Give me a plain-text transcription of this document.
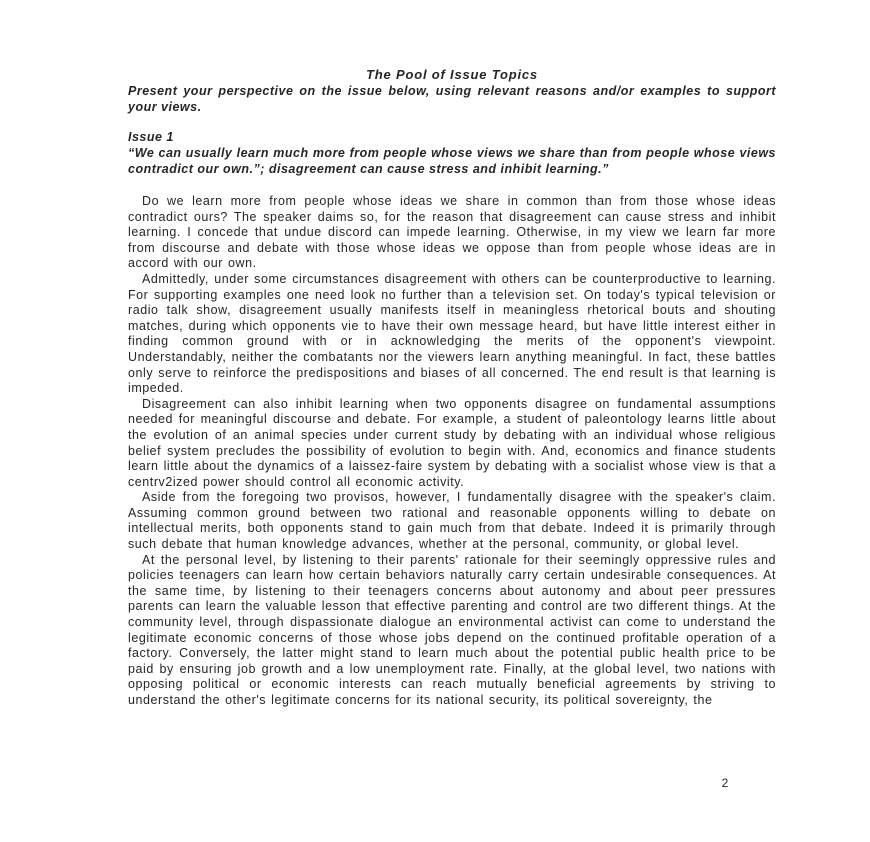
The Pool of Issue Topics
Present your perspective on the issue below, using relevant reasons and/or examples to support your views.
Issue 1
“We can usually learn much more from people whose views we share than from people whose views contradict our own.”; disagreement can cause stress and inhibit learning.”

Do we learn more from people whose ideas we share in common than from those whose ideas contradict ours? The speaker daims so, for the reason that disagreement can cause stress and inhibit learning. I concede that undue discord can impede learning. Otherwise, in my view we learn far more from discourse and debate with those whose ideas we oppose than from people whose ideas are in accord with our own.

Admittedly, under some circumstances disagreement with others can be counterproductive to learning. For supporting examples one need look no further than a television set. On today's typical television or radio talk show, disagreement usually manifests itself in meaningless rhetorical bouts and shouting matches, during which opponents vie to have their own message heard, but have little interest either in finding common ground with or in acknowledging the merits of the opponent's viewpoint. Understandably, neither the combatants nor the viewers learn anything meaningful. In fact, these battles only serve to reinforce the predispositions and biases of all concerned. The end result is that learning is impeded.

Disagreement can also inhibit learning when two opponents disagree on fundamental assumptions needed for meaningful discourse and debate. For example, a student of paleontology learns little about the evolution of an animal species under current study by debating with an individual whose religious belief system precludes the possibility of evolution to begin with. And, economics and finance students learn little about the dynamics of a laissez-faire system by debating with a socialist whose view is that a centrv2ized power should control all economic activity.

Aside from the foregoing two provisos, however, I fundamentally disagree with the speaker's claim. Assuming common ground between two rational and reasonable opponents willing to debate on intellectual merits, both opponents stand to gain much from that debate. Indeed it is primarily through such debate that human knowledge advances, whether at the personal, community, or global level.

At the personal level, by listening to their parents' rationale for their seemingly oppressive rules and policies teenagers can learn how certain behaviors naturally carry certain undesirable consequences. At the same time, by listening to their teenagers concerns about autonomy and about peer pressures parents can learn the valuable lesson that effective parenting and control are two different things. At the community level, through dispassionate dialogue an environmental activist can come to understand the legitimate economic concerns of those whose jobs depend on the continued profitable operation of a factory. Conversely, the latter might stand to learn much about the potential public health price to be paid by ensuring job growth and a low unemployment rate. Finally, at the global level, two nations with opposing political or economic interests can reach mutually beneficial agreements by striving to understand the other's legitimate concerns for its national security, its political sovereignty, the

2
